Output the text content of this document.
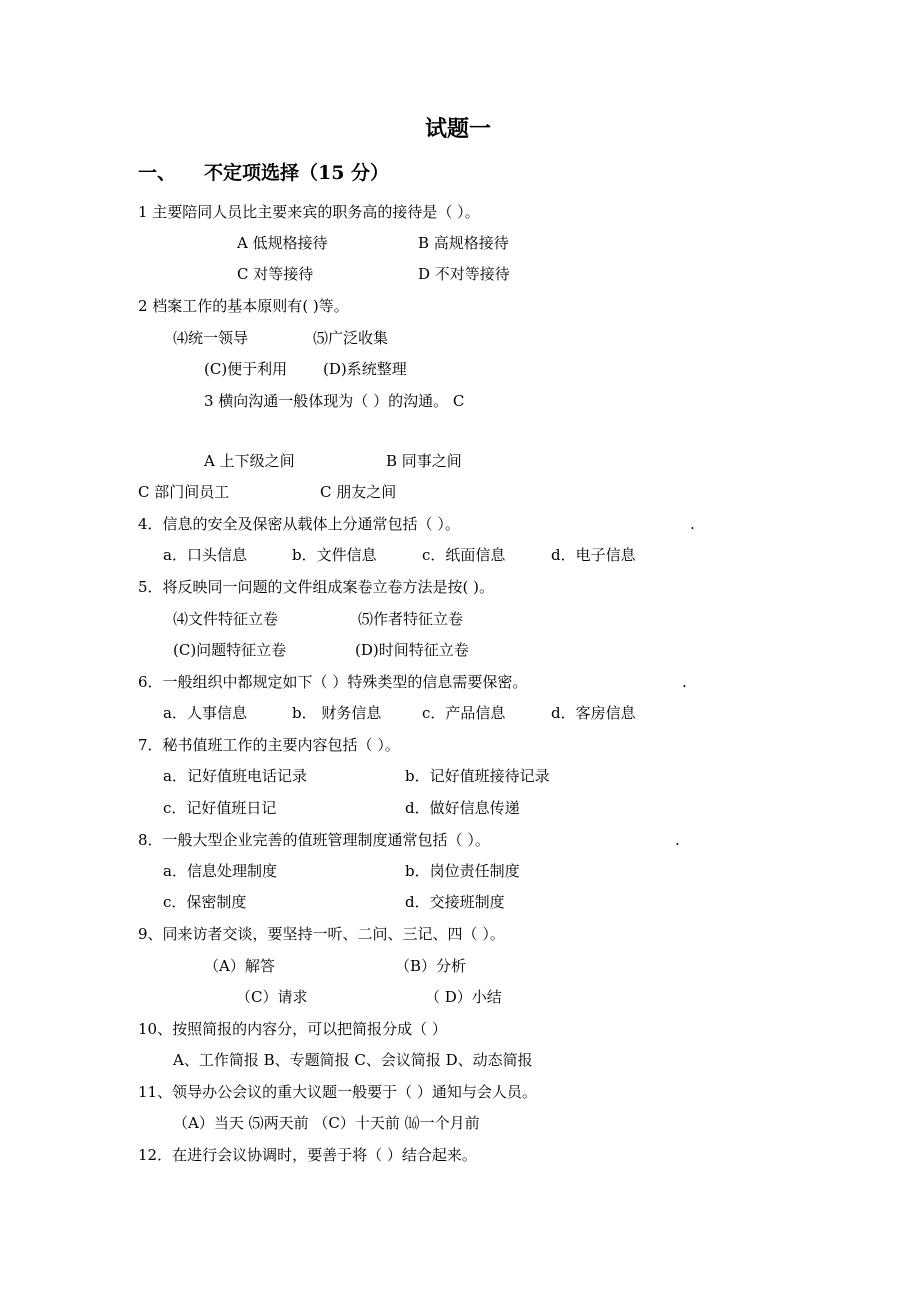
试题一
一、 不定项选择（15 分）
1 主要陪同人员比主要来宾的职务高的接待是（ ）。
A 低规格接待	B 高规格接待
C 对等接待	D 不对等接待
2 档案工作的基本原则有( )等。
⑷统一领导	⑸广泛收集
(C)便于利用 (D)系统整理
3 横向沟通一般体现为（ ）的沟通。 C
A 上下级之间	B 同事之间
C 部门间员工	C 朋友之间
4．信息的安全及保密从载体上分通常包括（ ）。	.
a．口头信息	b．文件信息	c．纸面信息	d．电子信息
5．将反映同一问题的文件组成案卷立卷方法是按( )。
⑷文件特征立卷	⑸作者特征立卷
(C)问题特征立卷	(D)时间特征立卷
6．一般组织中都规定如下（ ）特殊类型的信息需要保密。	.
a．人事信息	b． 财务信息	c．产品信息	d．客房信息
7．秘书值班工作的主要内容包括（ ）。
a．记好值班电话记录	b．记好值班接待记录
c．记好值班日记	d．做好信息传递
8．一般大型企业完善的值班管理制度通常包括（ ）。	.
a．信息处理制度	b．岗位责任制度
c．保密制度	d．交接班制度
9、同来访者交谈，要坚持一听、二问、三记、四（ ）。
（A）解答	（B）分析
（C）请求	（ D）小结
10、按照简报的内容分，可以把简报分成（ ）
A、工作简报 B、专题简报 C、会议简报 D、动态简报
11、领导办公会议的重大议题一般要于（ ）通知与会人员。
（A）当天 ⑸两天前 （C）十天前 ⒃一个月前
12．在进行会议协调时，要善于将（ ）结合起来。
